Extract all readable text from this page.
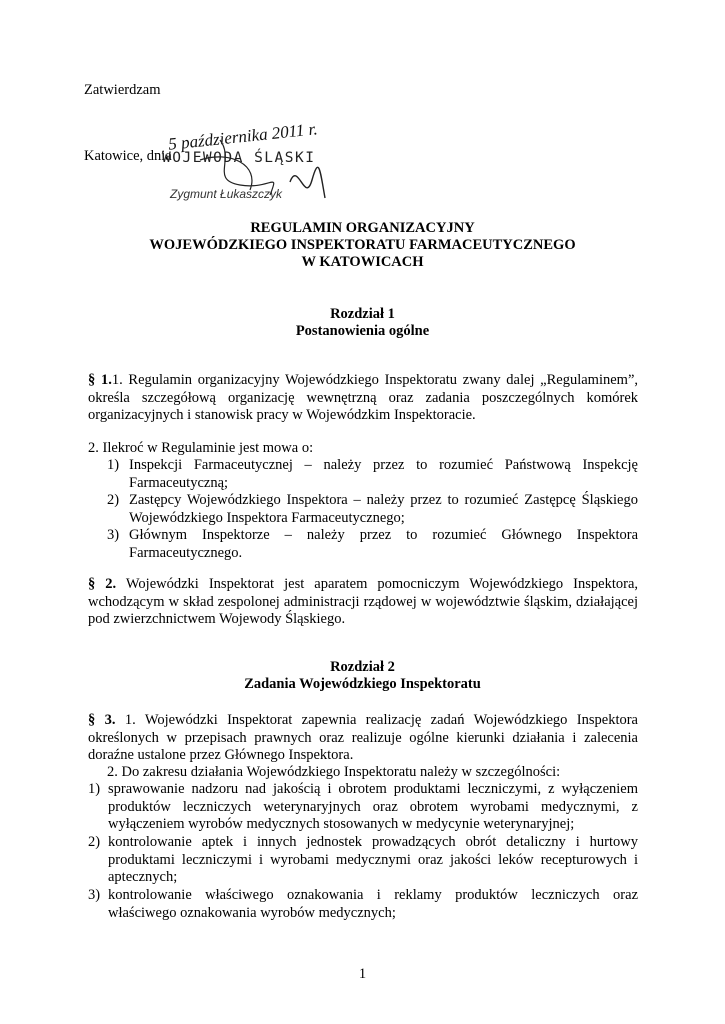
Zatwierdzam
Katowice, dnia
5 października 2011 r.
WOJEWODA ŚLĄSKI
Zygmunt Łukaszczyk
REGULAMIN ORGANIZACYJNY
WOJEWÓDZKIEGO INSPEKTORATU FARMACEUTYCZNEGO
W KATOWICACH
Rozdział 1
Postanowienia ogólne
§ 1.1. Regulamin organizacyjny Wojewódzkiego Inspektoratu zwany dalej „Regulaminem”, określa szczegółową organizację wewnętrzną oraz zadania poszczególnych komórek organizacyjnych i stanowisk pracy w Wojewódzkim Inspektoracie.
2. Ilekroć w Regulaminie jest mowa o:
1) Inspekcji Farmaceutycznej – należy przez to rozumieć Państwową Inspekcję Farmaceutyczną;
2) Zastępcy Wojewódzkiego Inspektora – należy przez to rozumieć Zastępcę Śląskiego Wojewódzkiego Inspektora Farmaceutycznego;
3) Głównym Inspektorze – należy przez to rozumieć Głównego Inspektora Farmaceutycznego.
§ 2. Wojewódzki Inspektorat jest aparatem pomocniczym Wojewódzkiego Inspektora, wchodzącym w skład zespolonej administracji rządowej w województwie śląskim, działającej pod zwierzchnictwem Wojewody Śląskiego.
Rozdział 2
Zadania Wojewódzkiego Inspektoratu
§ 3. 1. Wojewódzki Inspektorat zapewnia realizację zadań Wojewódzkiego Inspektora określonych w przepisach prawnych oraz realizuje ogólne kierunki działania i zalecenia doraźne ustalone przez Głównego Inspektora.
2. Do zakresu działania Wojewódzkiego Inspektoratu należy w szczególności:
1) sprawowanie nadzoru nad jakością i obrotem produktami leczniczymi, z wyłączeniem produktów leczniczych weterynaryjnych oraz obrotem wyrobami medycznymi, z wyłączeniem wyrobów medycznych stosowanych w medycynie weterynaryjnej;
2) kontrolowanie aptek i innych jednostek prowadzących obrót detaliczny i hurtowy produktami leczniczymi i wyrobami medycznymi oraz jakości leków recepturowych i aptecznych;
3) kontrolowanie właściwego oznakowania i reklamy produktów leczniczych oraz właściwego oznakowania wyrobów medycznych;
1
